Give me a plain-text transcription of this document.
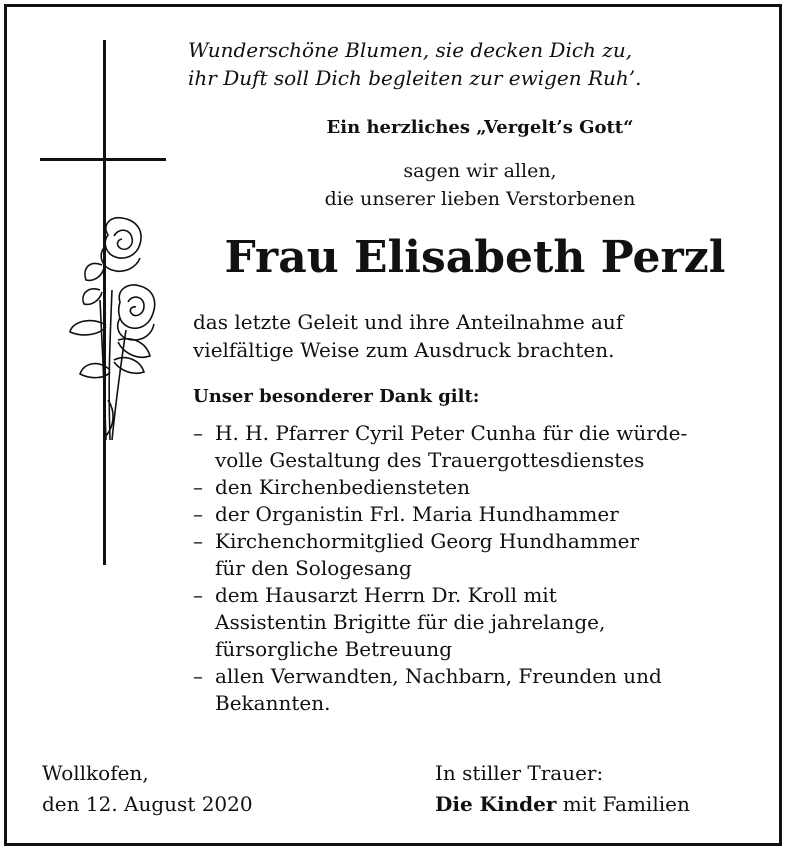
Wunderschöne Blumen, sie decken Dich zu,
ihr Duft soll Dich begleiten zur ewigen Ruh’.
Ein herzliches „Vergelt’s Gott“
sagen wir allen,
die unserer lieben Verstorbenen
Frau Elisabeth Perzl
das letzte Geleit und ihre Anteilnahme auf
vielfältige Weise zum Ausdruck brachten.
Unser besonderer Dank gilt:
– H. H. Pfarrer Cyril Peter Cunha für die würde-
volle Gestaltung des Trauergottesdienstes
– den Kirchenbediensteten
– der Organistin Frl. Maria Hundhammer
– Kirchenchormitglied Georg Hundhammer
für den Sologesang
– dem Hausarzt Herrn Dr. Kroll mit
Assistentin Brigitte für die jahrelange,
fürsorgliche Betreuung
– allen Verwandten, Nachbarn, Freunden und
Bekannten.
Wollkofen,
den 12. August 2020
In stiller Trauer:
Die Kinder mit Familien
